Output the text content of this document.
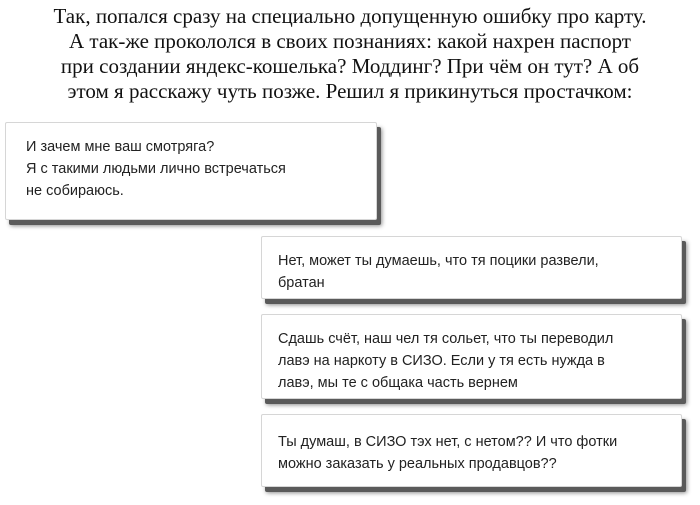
Так, попался сразу на специально допущенную ошибку про карту.
А так-же прокололся в своих познаниях: какой нахрен паспорт
при создании яндекс-кошелька? Моддинг? При чём он тут? А об
этом я расскажу чуть позже. Решил я прикинуться простачком:
И зачем мне ваш смотряга?
Я с такими людьми лично встречаться
не собираюсь.
Нет, может ты думаешь, что тя поцики развели,
братан
Сдашь счёт, наш чел тя сольет, что ты переводил
лавэ на наркоту в СИЗО. Если у тя есть нужда в
лавэ, мы те с общака часть вернем
Ты думаш, в СИЗО тэх нет, с нетом?? И что фотки
можно заказать у реальных продавцов??
